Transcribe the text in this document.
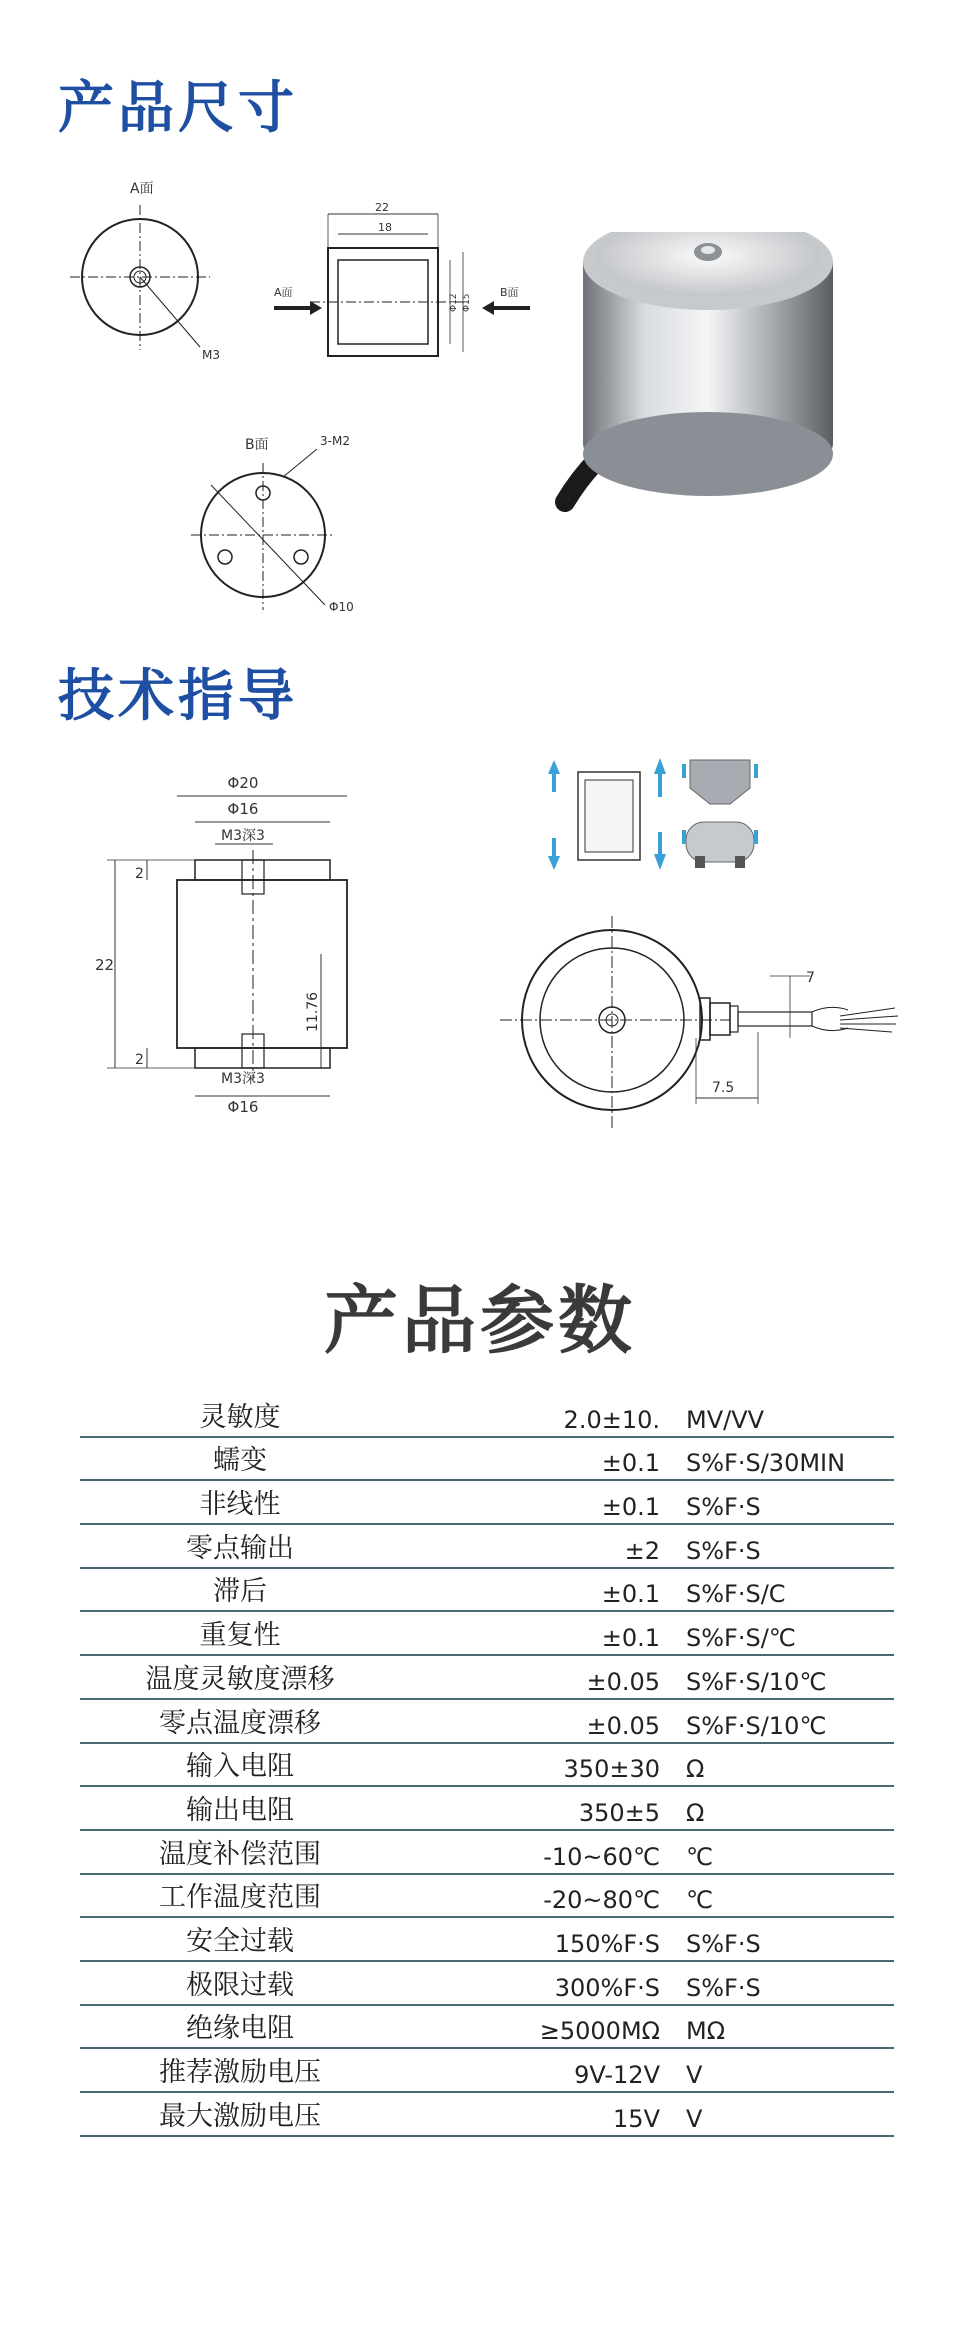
产品尺寸
A面
M3
22
18
Φ12 Φ15
A面	B面
B面	3-M2
Φ10
技术指导
Φ20
Φ16
M3深3
22
2
2
11.76
M3深3
Φ16
7
7.5
产品参数
灵敏度	2.0±10.	MV/VV
蠕变	±0.1	S%F·S/30MIN
非线性	±0.1	S%F·S
零点输出	±2	S%F·S
滞后	±0.1	S%F·S/C
重复性	±0.1	S%F·S/℃
温度灵敏度漂移	±0.05	S%F·S/10℃
零点温度漂移	±0.05	S%F·S/10℃
输入电阻	350±30	Ω
输出电阻	350±5	Ω
温度补偿范围	-10~60℃	℃
工作温度范围	-20~80℃	℃
安全过载	150%F·S	S%F·S
极限过载	300%F·S	S%F·S
绝缘电阻	≥5000MΩ	MΩ
推荐激励电压	9V-12V	V
最大激励电压	15V	V
